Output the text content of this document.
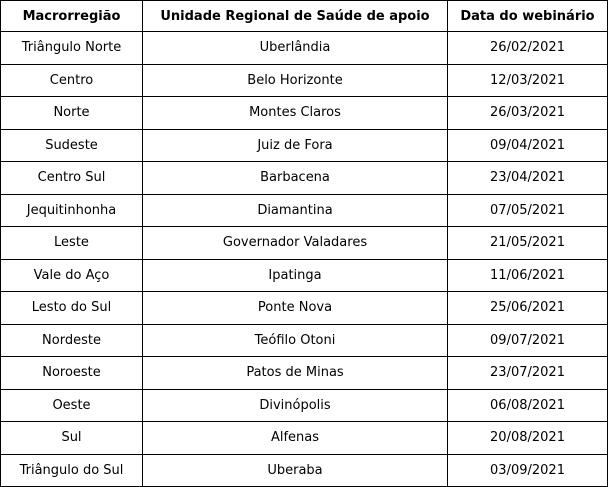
Macrorregião	Unidade Regional de Saúde de apoio	Data do webinário
Triângulo Norte	Uberlândia	26/02/2021
Centro	Belo Horizonte	12/03/2021
Norte	Montes Claros	26/03/2021
Sudeste	Juiz de Fora	09/04/2021
Centro Sul	Barbacena	23/04/2021
Jequitinhonha	Diamantina	07/05/2021
Leste	Governador Valadares	21/05/2021
Vale do Aço	Ipatinga	11/06/2021
Lesto do Sul	Ponte Nova	25/06/2021
Nordeste	Teófilo Otoni	09/07/2021
Noroeste	Patos de Minas	23/07/2021
Oeste	Divinópolis	06/08/2021
Sul	Alfenas	20/08/2021
Triângulo do Sul	Uberaba	03/09/2021
